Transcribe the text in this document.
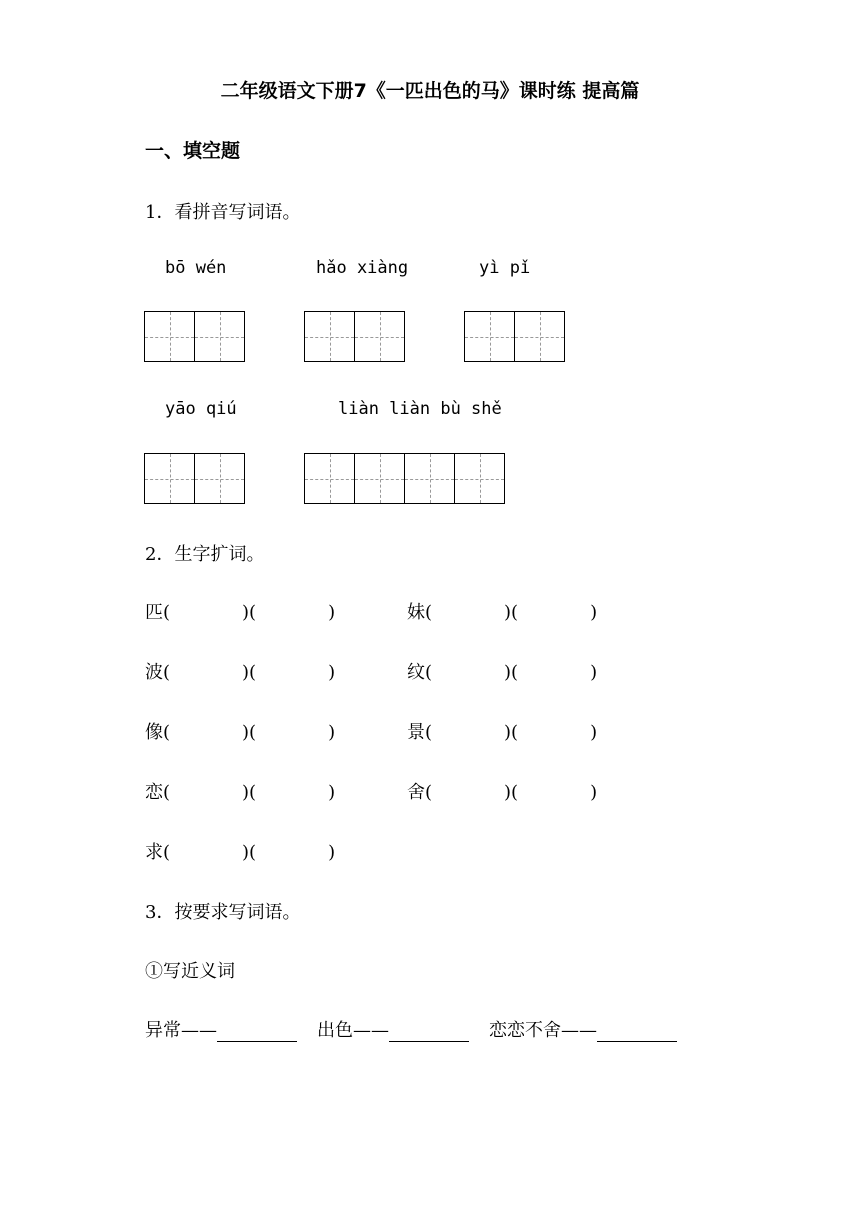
二年级语文下册7《一匹出色的马》课时练 提高篇
一、填空题
1．看拼音写词语。
bō wén	hǎo xiàng	yì pǐ
yāo qiú	liàn liàn bù shě
2．生字扩词。
匹(	)(	)	妹(	)(	)
波(	)(	)	纹(	)(	)
像(	)(	)	景(	)(	)
恋(	)(	)	舍(	)(	)
求(	)(	)
3．按要求写词语。
①写近义词
异常——	出色——	恋恋不舍——
